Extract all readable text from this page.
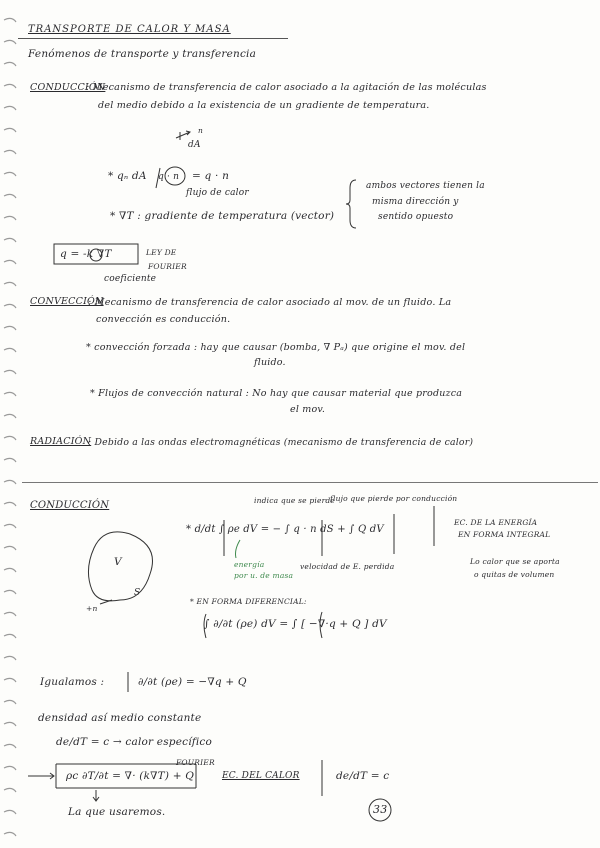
TRANSPORTE DE CALOR Y MASA
Fenómenos de transporte y transferencia
CONDUCCIÓN
: Mecanismo de transferencia de calor asociado a la agitación de las moléculas
del medio debido a la existencia de un gradiente de temperatura.
dA
n
* qₙ dA q · n = q · n
flujo de calor
ambos vectores tienen la
misma dirección y
sentido opuesto
* ∇T : gradiente de temperatura (vector)
q = -k ∇T	LEY DE
FOURIER
coeficiente
CONVECCIÓN
: Mecanismo de transferencia de calor asociado al mov. de un fluido. La
convección es conducción.
* convección forzada : hay que causar (bomba, ∇ Pₐ) que origine el mov. del
fluido.
* Flujos de convección natural : No hay que causar material que produzca
el mov.
RADIACIÓN
: Debido a las ondas electromagnéticas (mecanismo de transferencia de calor)
CONDUCCIÓN
V
S
+n
indica que se pierde
flujo que pierde por conducción
* d/dt ∫ ρe dV = − ∫ q · n dS + ∫ Q dV
energía
por u. de masa
velocidad de E. perdida
EC. DE LA ENERGÍA
EN FORMA INTEGRAL
Lo calor que se aporta
o quitas de volumen
* EN FORMA DIFERENCIAL:
∫ ∂/∂t (ρe) dV = ∫ [ −∇·q + Q ] dV
Igualamos :	∂/∂t (ρe) = −∇q + Q
densidad así medio constante
de/dT = c → calor específico
FOURIER
ρc ∂T/∂t = ∇· (k∇T) + Q	EC. DEL CALOR	de/dT = c
La que usaremos.	33
